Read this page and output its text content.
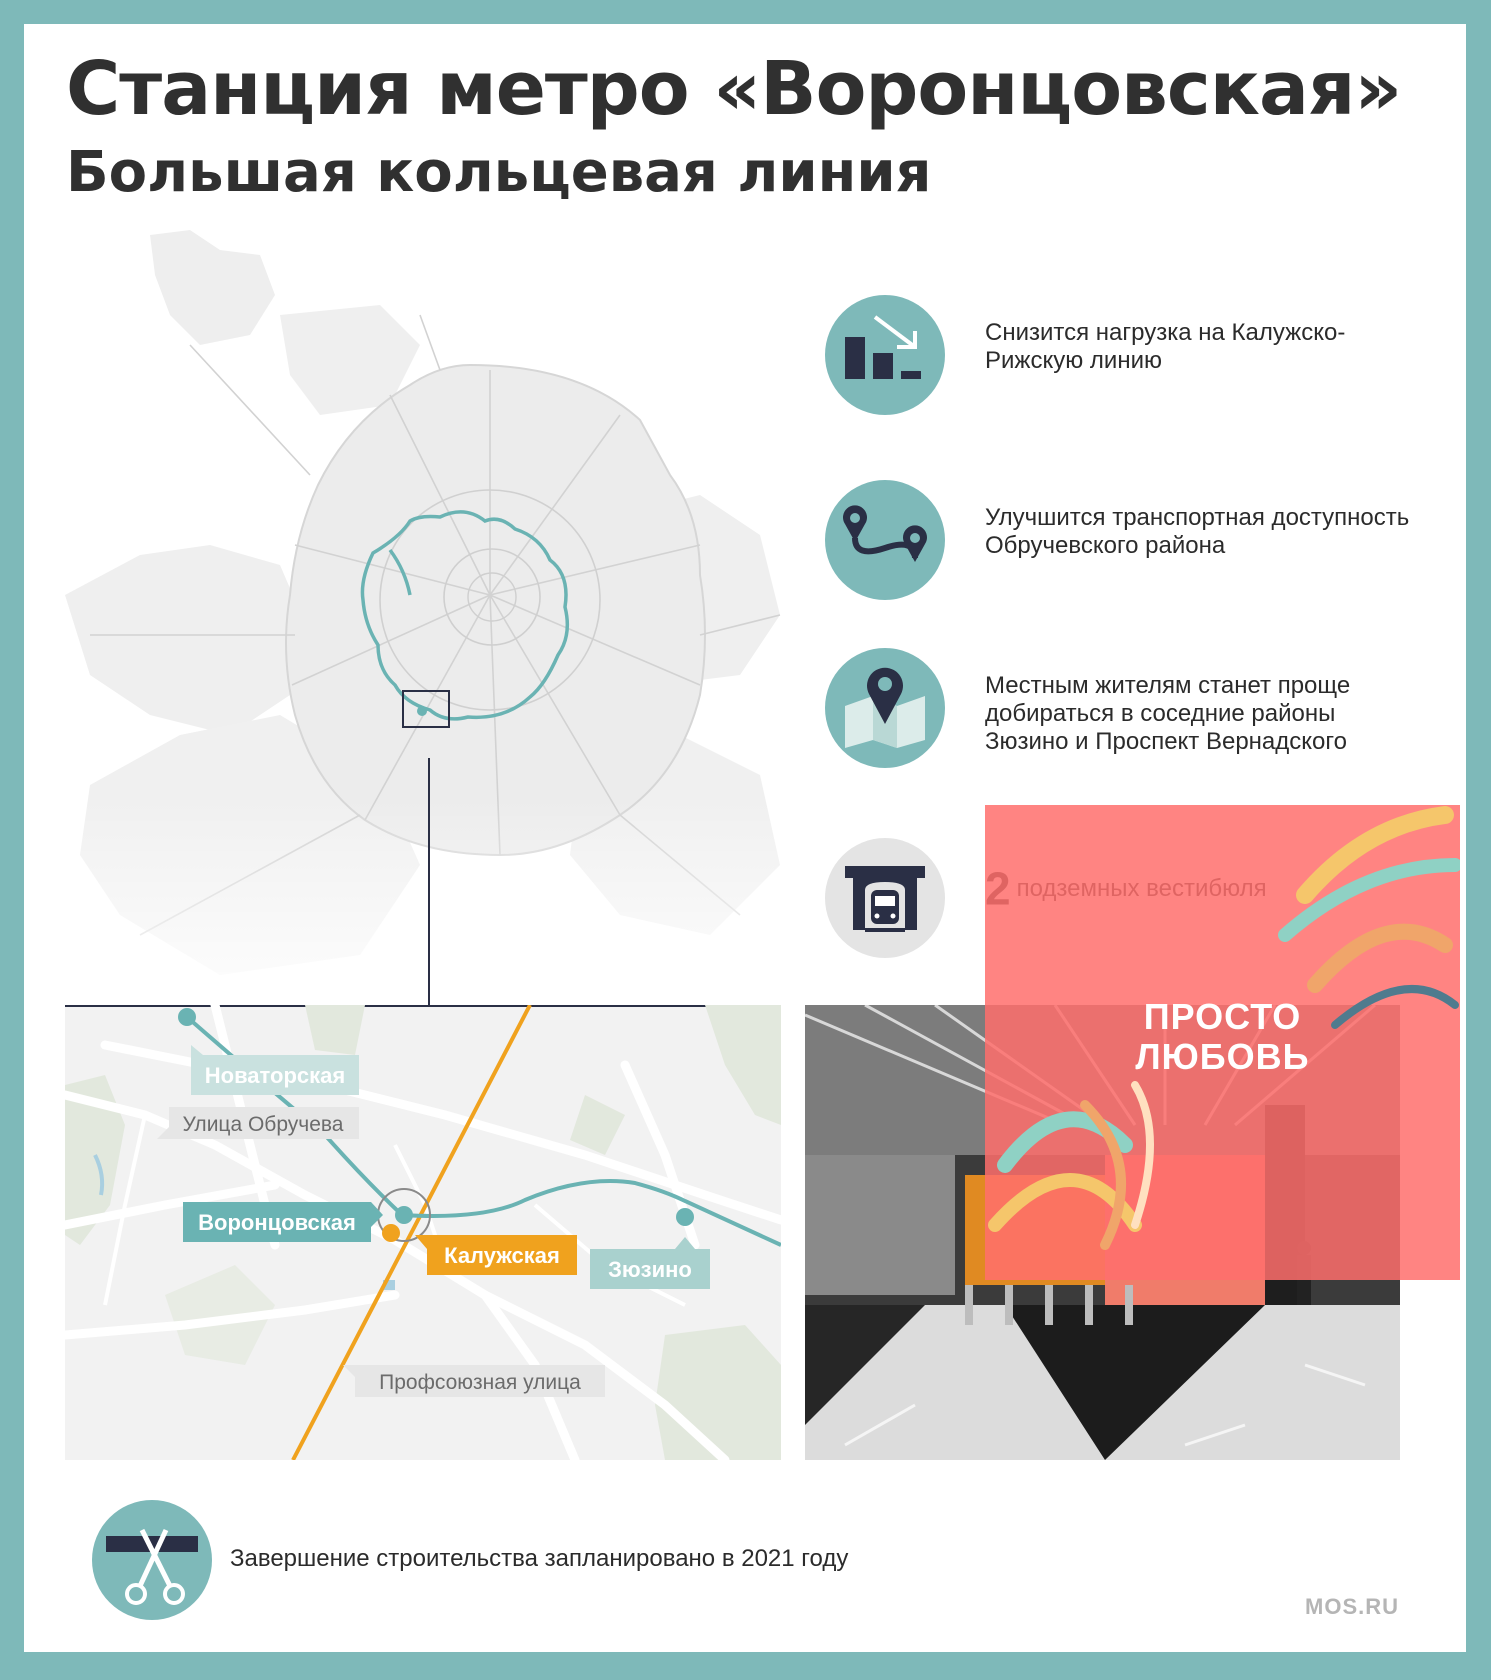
Станция метро «Воронцовская»
Большая кольцевая линия
Новаторская
Улица Обручева
Воронцовская
Калужская
Зюзино
Профсоюзная улица
Снизится нагрузка на Калужско-Рижскую линию
Улучшится транспортная доступность Обручевского района
Местным жителям станет проще добираться в соседние районы Зюзино и Проспект Вернадского
ПРОСТО
ЛЮБОВЬ
Завершение строительства запланировано в 2021 году
MOS.RU
